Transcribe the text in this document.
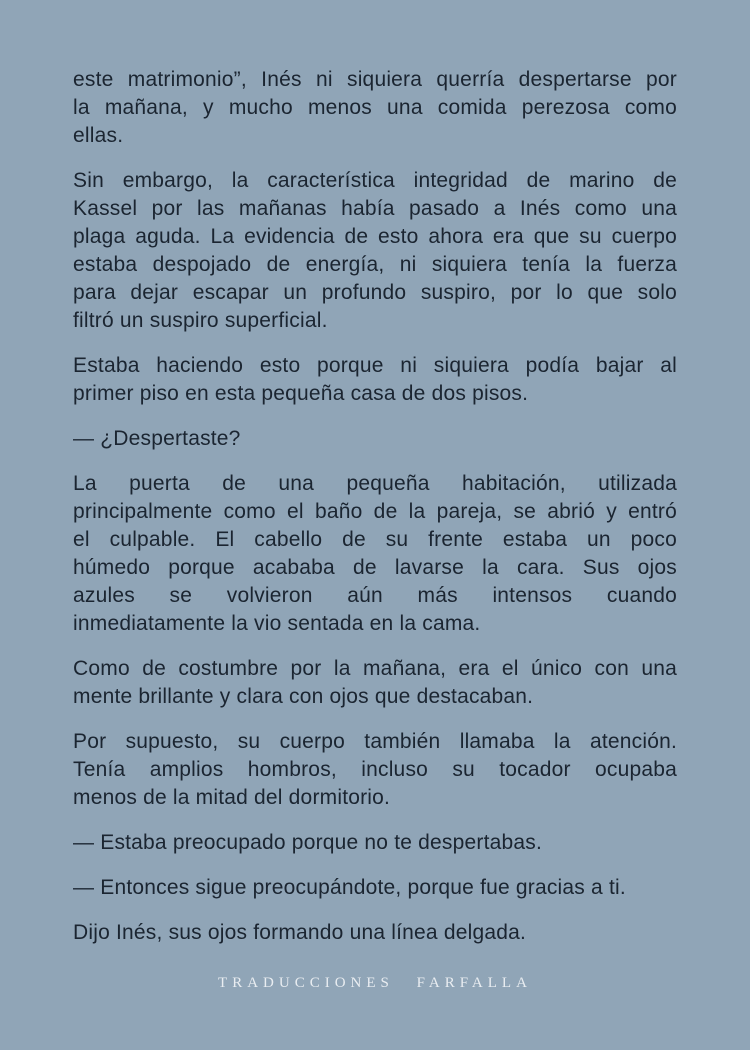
este matrimonio”, Inés ni siquiera querría despertarse por
la mañana, y mucho menos una comida perezosa como
ellas.
Sin embargo, la característica integridad de marino de
Kassel por las mañanas había pasado a Inés como una
plaga aguda. La evidencia de esto ahora era que su cuerpo
estaba despojado de energía, ni siquiera tenía la fuerza
para dejar escapar un profundo suspiro, por lo que solo
filtró un suspiro superficial.
Estaba haciendo esto porque ni siquiera podía bajar al
primer piso en esta pequeña casa de dos pisos.
— ¿Despertaste?
La puerta de una pequeña habitación, utilizada
principalmente como el baño de la pareja, se abrió y entró
el culpable. El cabello de su frente estaba un poco
húmedo porque acababa de lavarse la cara. Sus ojos
azules se volvieron aún más intensos cuando
inmediatamente la vio sentada en la cama.
Como de costumbre por la mañana, era el único con una
mente brillante y clara con ojos que destacaban.
Por supuesto, su cuerpo también llamaba la atención.
Tenía amplios hombros, incluso su tocador ocupaba
menos de la mitad del dormitorio.
— Estaba preocupado porque no te despertabas.
— Entonces sigue preocupándote, porque fue gracias a ti.
Dijo Inés, sus ojos formando una línea delgada.
TRADUCCIONES FARFALLA
